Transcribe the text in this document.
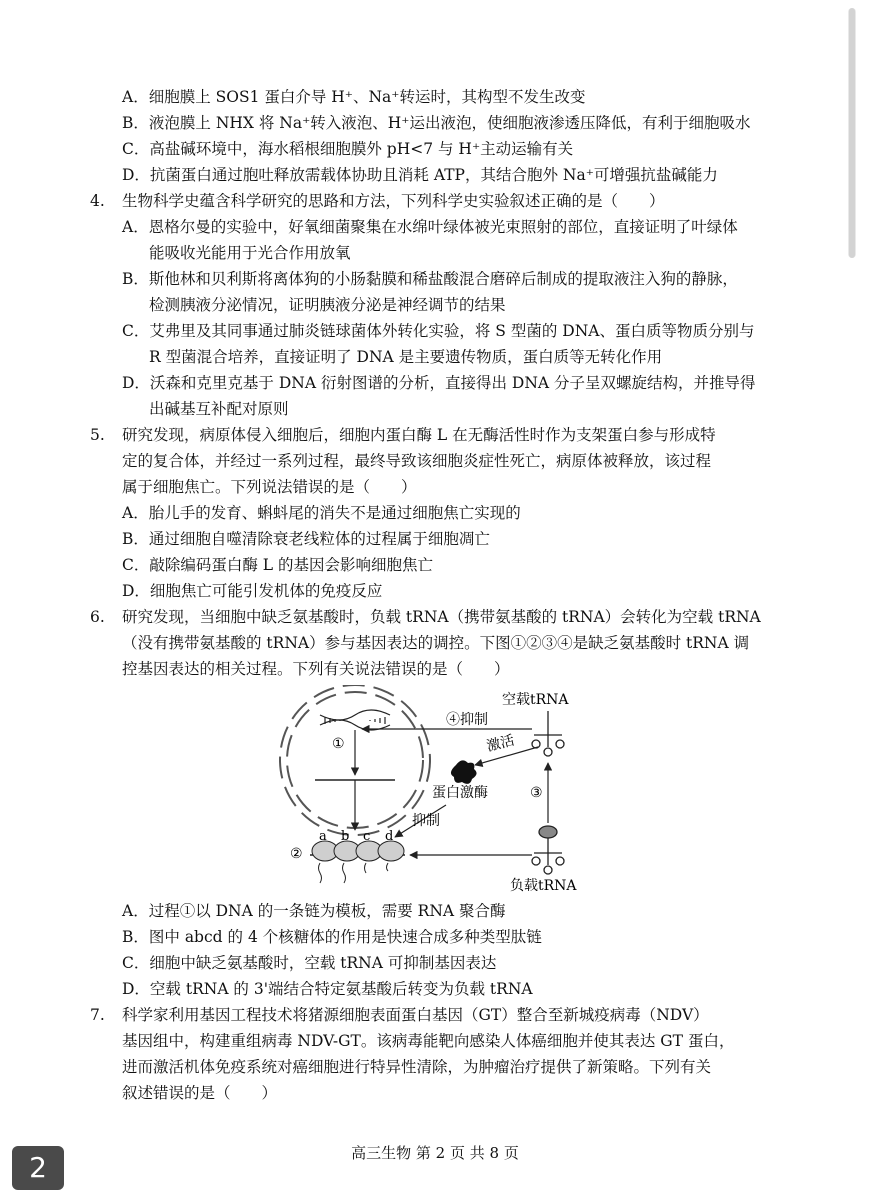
A．细胞膜上 SOS1 蛋白介导 H⁺、Na⁺转运时，其构型不发生改变
B．液泡膜上 NHX 将 Na⁺转入液泡、H⁺运出液泡，使细胞液渗透压降低，有利于细胞吸水
C．高盐碱环境中，海水稻根细胞膜外 pH<7 与 H⁺主动运输有关
D．抗菌蛋白通过胞吐释放需载体协助且消耗 ATP，其结合胞外 Na⁺可增强抗盐碱能力
4. 生物科学史蕴含科学研究的思路和方法，下列科学史实验叙述正确的是（　　）
A．恩格尔曼的实验中，好氧细菌聚集在水绵叶绿体被光束照射的部位，直接证明了叶绿体
能吸收光能用于光合作用放氧
B．斯他林和贝利斯将离体狗的小肠黏膜和稀盐酸混合磨碎后制成的提取液注入狗的静脉，
检测胰液分泌情况，证明胰液分泌是神经调节的结果
C．艾弗里及其同事通过肺炎链球菌体外转化实验，将 S 型菌的 DNA、蛋白质等物质分别与
R 型菌混合培养，直接证明了 DNA 是主要遗传物质，蛋白质等无转化作用
D．沃森和克里克基于 DNA 衍射图谱的分析，直接得出 DNA 分子呈双螺旋结构，并推导得
出碱基互补配对原则
5. 研究发现，病原体侵入细胞后，细胞内蛋白酶 L 在无酶活性时作为支架蛋白参与形成特
定的复合体，并经过一系列过程，最终导致该细胞炎症性死亡，病原体被释放，该过程
属于细胞焦亡。下列说法错误的是（　　）
A．胎儿手的发育、蝌蚪尾的消失不是通过细胞焦亡实现的
B．通过细胞自噬清除衰老线粒体的过程属于细胞凋亡
C．敲除编码蛋白酶 L 的基因会影响细胞焦亡
D．细胞焦亡可能引发机体的免疫反应
6. 研究发现，当细胞中缺乏氨基酸时，负载 tRNA（携带氨基酸的 tRNA）会转化为空载 tRNA
（没有携带氨基酸的 tRNA）参与基因表达的调控。下图①②③④是缺乏氨基酸时 tRNA 调
控基因表达的相关过程。下列有关说法错误的是（　　）
①
②
a b c d
空载tRNA
负载tRNA
③
④抑制
激活
蛋白激酶
抑制
A．过程①以 DNA 的一条链为模板，需要 RNA 聚合酶
B．图中 abcd 的 4 个核糖体的作用是快速合成多种类型肽链
C．细胞中缺乏氨基酸时，空载 tRNA 可抑制基因表达
D．空载 tRNA 的 3'端结合特定氨基酸后转变为负载 tRNA
7. 科学家利用基因工程技术将猪源细胞表面蛋白基因（GT）整合至新城疫病毒（NDV）
基因组中，构建重组病毒 NDV-GT。该病毒能靶向感染人体癌细胞并使其表达 GT 蛋白，
进而激活机体免疫系统对癌细胞进行特异性清除，为肿瘤治疗提供了新策略。下列有关
叙述错误的是（　　）
高三生物 第 2 页 共 8 页
2
